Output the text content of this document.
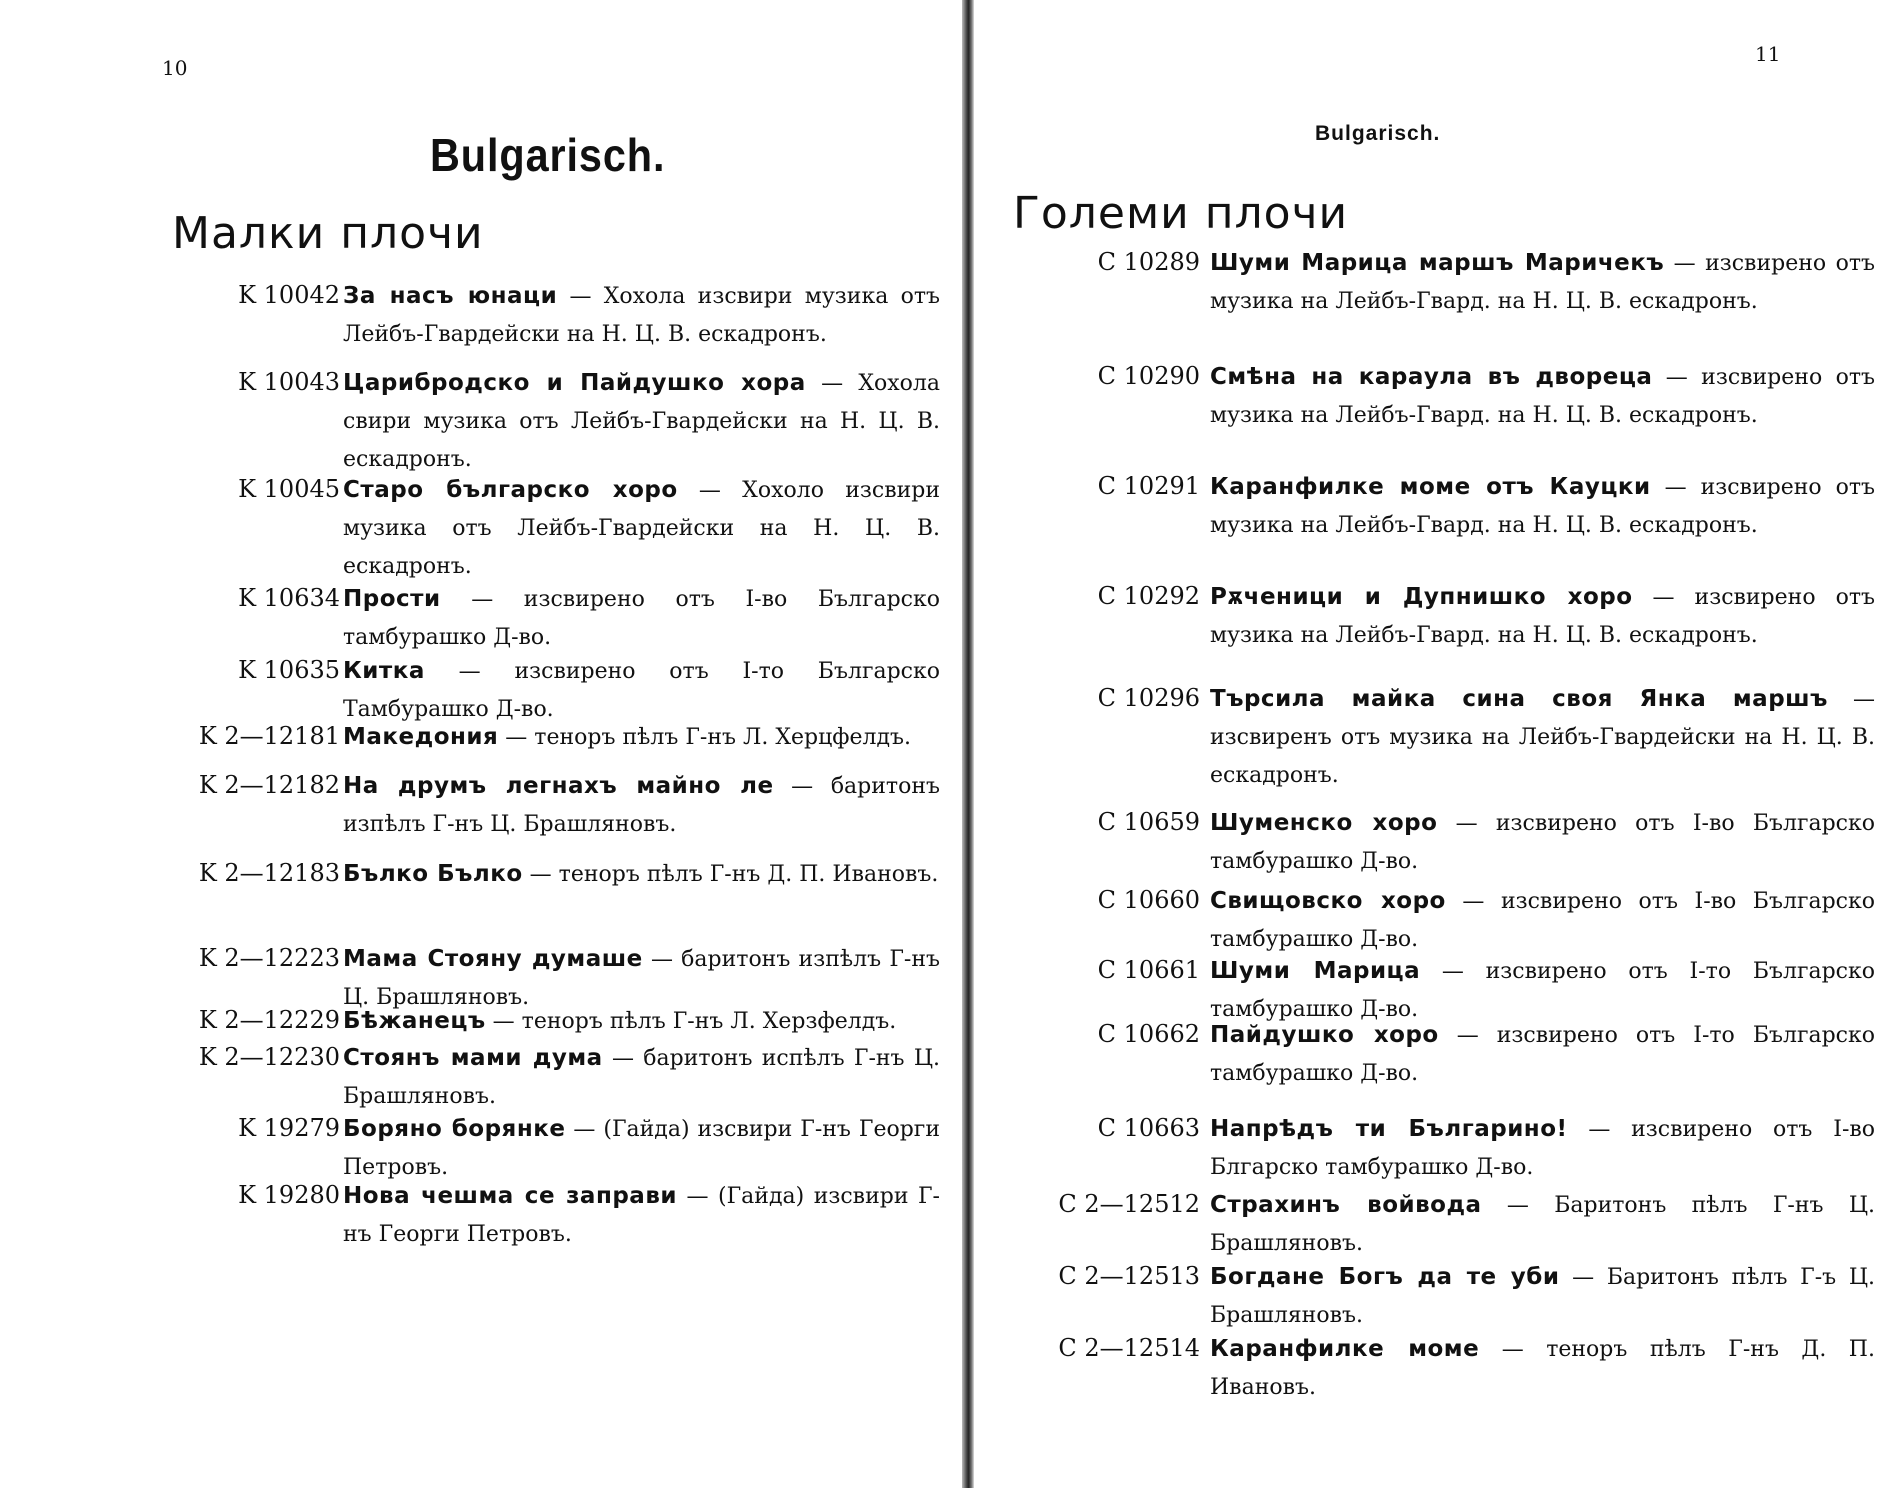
10
Bulgarisch.
Малки плочи
K 10042 За насъ юнаци — Хохола изсвири музика отъ Лейбъ-Гвардейски на Н. Ц. В. ескадронъ.
K 10043 Царибродско и Пайдушко хора — Хохола свири музика отъ Лейбъ-Гвардейски на Н. Ц. В. ескадронъ.
K 10045 Старо българско хоро — Хохоло изсвири музика отъ Лейбъ-Гвардейски на Н. Ц. В. ескадронъ.
K 10634 Прости — изсвирено отъ I-во Българско тамбурашко Д-во.
K 10635 Китка — изсвирено отъ I-то Българско Тамбурашко Д-во.
K 2—12181 Македония — теноръ пѣлъ Г-нъ Л. Херцфелдъ.
K 2—12182 На друмъ легнахъ майно ле — баритонъ изпѣлъ Г-нъ Ц. Брашляновъ.
K 2—12183 Бълко Бълко — теноръ пѣлъ Г-нъ Д. П. Ивановъ.
K 2—12223 Мама Стояну думаше — баритонъ изпѣлъ Г-нъ Ц. Брашляновъ.
K 2—12229 Бѣжанецъ — теноръ пѣлъ Г-нъ Л. Херзфелдъ.
K 2—12230 Стоянъ мами дума — баритонъ испѣлъ Г-нъ Ц. Брашляновъ.
K 19279 Боряно борянке — (Гайда) изсвири Г-нъ Георги Петровъ.
K 19280 Нова чешма се заправи — (Гайда) изсвири Г-нъ Георги Петровъ.
11
Bulgarisch.
Големи плочи
C 10289 Шуми Марица маршъ Маричекъ — изсвирено отъ музика на Лейбъ-Гвард. на Н. Ц. В. ескадронъ.
C 10290 Смѣна на караула въ двореца — изсвирено отъ музика на Лейбъ-Гвард. на Н. Ц. В. ескадронъ.
C 10291 Каранфилке моме отъ Кауцки — изсвирено отъ музика на Лейбъ-Гвард. на Н. Ц. В. ескадронъ.
C 10292 Рѫченици и Дупнишко хоро — изсвирено отъ музика на Лейбъ-Гвард. на Н. Ц. В. ескадронъ.
C 10296 Търсила майка сина своя Янка маршъ — изсвиренъ отъ музика на Лейбъ-Гвардейски на Н. Ц. В. ескадронъ.
C 10659 Шуменско хоро — изсвирено отъ I-во Българско тамбурашко Д-во.
C 10660 Свищовско хоро — изсвирено отъ I-во Българско тамбурашко Д-во.
C 10661 Шуми Марица — изсвирено отъ I-то Българско тамбурашко Д-во.
C 10662 Пайдушко хоро — изсвирено отъ I-то Българско тамбурашко Д-во.
C 10663 Напрѣдъ ти Българино! — изсвирено отъ I-во Блгарско тамбурашко Д-во.
C 2—12512 Страхинъ войвода — Баритонъ пѣлъ Г-нъ Ц. Брашляновъ.
C 2—12513 Богдане Богъ да те уби — Баритонъ пѣлъ Г-ъ Ц. Брашляновъ.
C 2—12514 Каранфилке моме — теноръ пѣлъ Г-нъ Д. П. Ивановъ.
